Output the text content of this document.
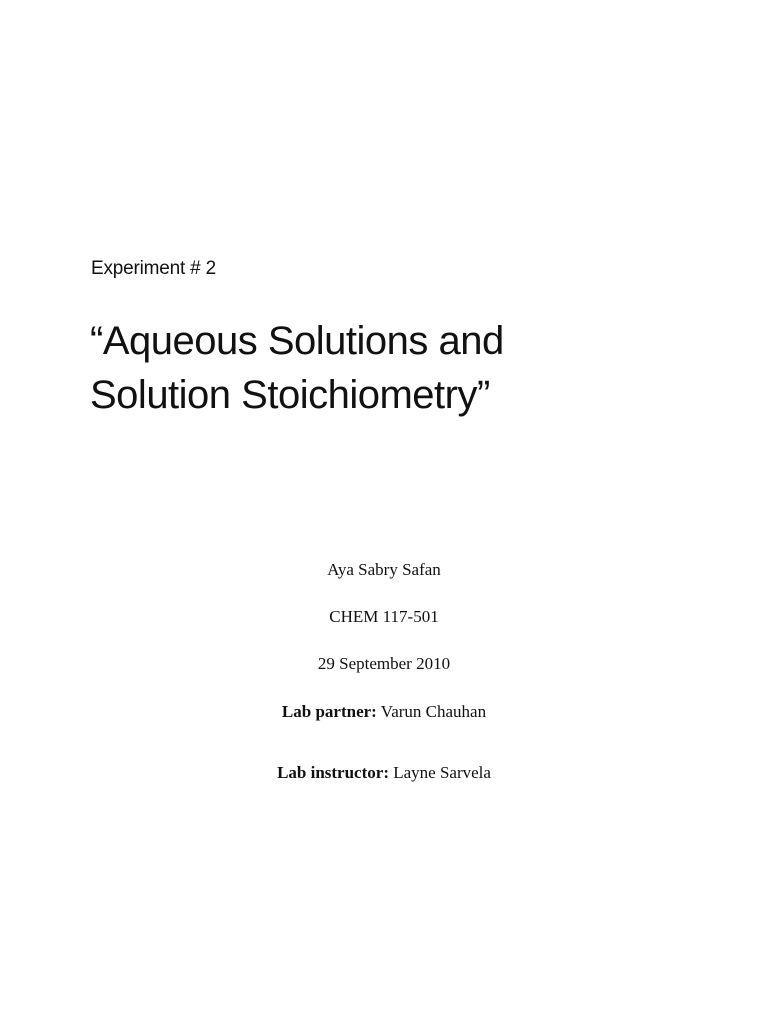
Experiment # 2

“Aqueous Solutions and
Solution Stoichiometry”

Aya Sabry Safan

CHEM 117-501

29 September 2010

Lab partner: Varun Chauhan

Lab instructor: Layne Sarvela
